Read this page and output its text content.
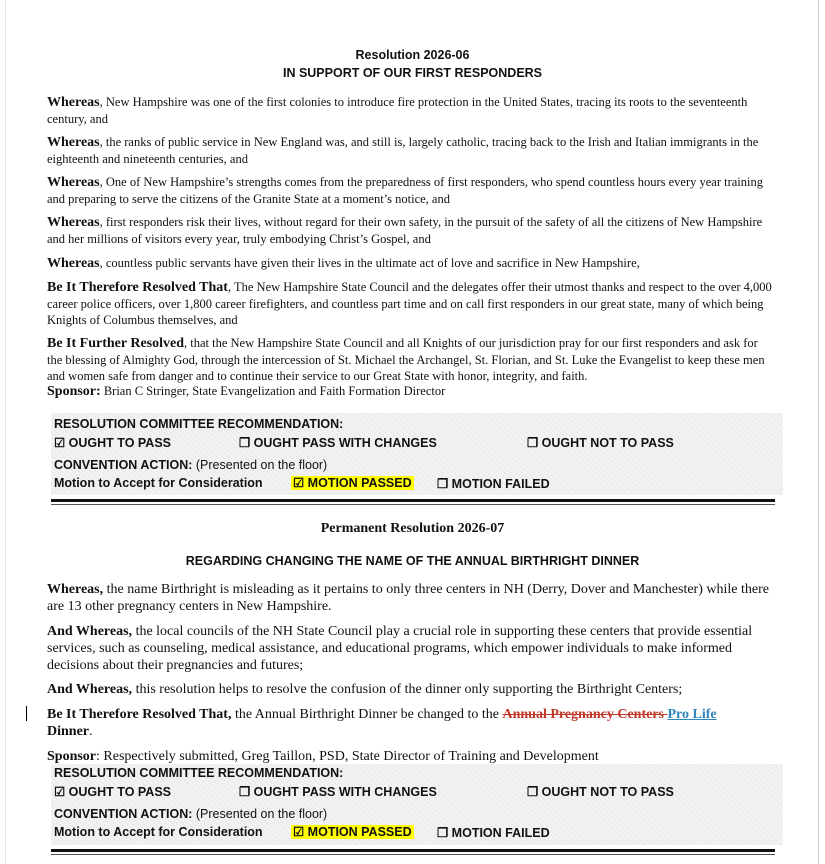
Resolution 2026-06
IN SUPPORT OF OUR FIRST RESPONDERS
Whereas, New Hampshire was one of the first colonies to introduce fire protection in the United States, tracing its roots to the seventeenth century, and
Whereas, the ranks of public service in New England was, and still is, largely catholic, tracing back to the Irish and Italian immigrants in the eighteenth and nineteenth centuries, and
Whereas, One of New Hampshire’s strengths comes from the preparedness of first responders, who spend countless hours every year training and preparing to serve the citizens of the Granite State at a moment’s notice, and
Whereas, first responders risk their lives, without regard for their own safety, in the pursuit of the safety of all the citizens of New Hampshire and her millions of visitors every year, truly embodying Christ’s Gospel, and
Whereas, countless public servants have given their lives in the ultimate act of love and sacrifice in New Hampshire,
Be It Therefore Resolved That, The New Hampshire State Council and the delegates offer their utmost thanks and respect to the over 4,000 career police officers, over 1,800 career firefighters, and countless part time and on call first responders in our great state, many of which being Knights of Columbus themselves, and
Be It Further Resolved, that the New Hampshire State Council and all Knights of our jurisdiction pray for our first responders and ask for the blessing of Almighty God, through the intercession of St. Michael the Archangel, St. Florian, and St. Luke the Evangelist to keep these men and women safe from danger and to continue their service to our Great State with honor, integrity, and faith.
Sponsor: Brian C Stringer, State Evangelization and Faith Formation Director
RESOLUTION COMMITTEE RECOMMENDATION:
☑ OUGHT TO PASS	❐ OUGHT PASS WITH CHANGES	❐ OUGHT NOT TO PASS
CONVENTION ACTION: (Presented on the floor)
Motion to Accept for Consideration ☑ MOTION PASSED ❐ MOTION FAILED
Permanent Resolution 2026-07
REGARDING CHANGING THE NAME OF THE ANNUAL BIRTHRIGHT DINNER
Whereas, the name Birthright is misleading as it pertains to only three centers in NH (Derry, Dover and Manchester) while there are 13 other pregnancy centers in New Hampshire.
And Whereas, the local councils of the NH State Council play a crucial role in supporting these centers that provide essential services, such as counseling, medical assistance, and educational programs, which empower individuals to make informed decisions about their pregnancies and futures;
And Whereas, this resolution helps to resolve the confusion of the dinner only supporting the Birthright Centers;
Be It Therefore Resolved That, the Annual Birthright Dinner be changed to the Annual Pregnancy Centers Pro Life
Dinner.
Sponsor: Respectively submitted, Greg Taillon, PSD, State Director of Training and Development
RESOLUTION COMMITTEE RECOMMENDATION:
☑ OUGHT TO PASS	❐ OUGHT PASS WITH CHANGES	❐ OUGHT NOT TO PASS
CONVENTION ACTION: (Presented on the floor)
Motion to Accept for Consideration ☑ MOTION PASSED ❐ MOTION FAILED
